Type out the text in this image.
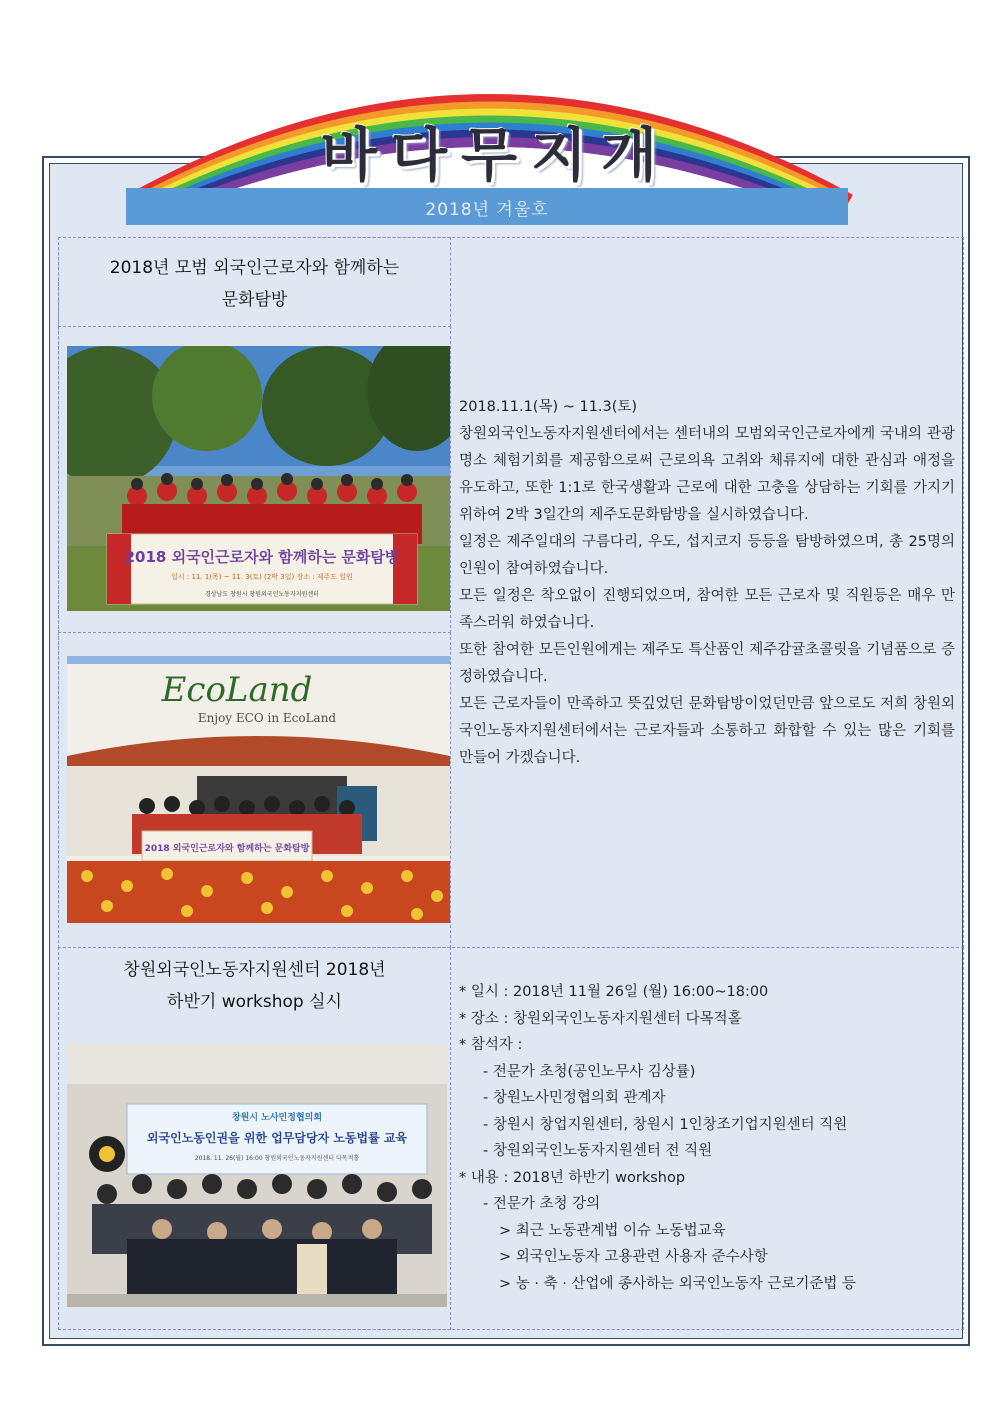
2018년 겨울호
바다무지개
2018년 모범 외국인근로자와 함께하는
문화탐방
2018 외국인근로자와 함께하는 문화탐방
일시 : 11. 1(목) ~ 11. 3(토) (2박 3일) 장소 : 제주도 일원
경상남도 창원시 창원외국인노동자지원센터
EcoLand
Enjoy ECO in EcoLand
2018 외국인근로자와 함께하는 문화탐방

2018.11.1(목) ~ 11.3(토)

창원외국인노동자지원센터에서는 센터내의 모범외국인근로자에게 국내의 관광명소 체험기회를 제공함으로써 근로의욕 고취와 체류지에 대한 관심과 애정을 유도하고, 또한 1:1로 한국생활과 근로에 대한 고충을 상담하는 기회를 가지기 위하여 2박 3일간의 제주도문화탐방을 실시하였습니다.

일정은 제주일대의 구름다리, 우도, 섭지코지 등등을 탐방하였으며, 총 25명의 인원이 참여하였습니다.

모든 일정은 착오없이 진행되었으며, 참여한 모든 근로자 및 직원등은 매우 만족스러워 하였습니다.

또한 참여한 모든인원에게는 제주도 특산품인 제주감귤초콜릿을 기념품으로 증정하였습니다.

모든 근로자들이 만족하고 뜻깊었던 문화탐방이었던만큼 앞으로도 저희 창원외국인노동자지원센터에서는 근로자들과 소통하고 화합할 수 있는 많은 기회를 만들어 가겠습니다.

창원외국인노동자지원센터 2018년
하반기 workshop 실시
창원시 노사민정협의회
외국인노동인권을 위한 업무담당자 노동법률 교육
2018. 11. 26(월) 16:00 창원외국인노동자지원센터 다목적홀
* 일시 : 2018년 11월 26일 (월) 16:00~18:00
* 장소 : 창원외국인노동자지원센터 다목적홀
* 참석자 :
- 전문가 초청(공인노무사 김상률)
- 창원노사민정협의회 관계자
- 창원시 창업지원센터, 창원시 1인창조기업지원센터 직원
- 창원외국인노동자지원센터 전 직원
* 내용 : 2018년 하반기 workshop
- 전문가 초청 강의
> 최근 노동관계법 이슈 노동법교육
> 외국인노동자 고용관련 사용자 준수사항
> 농 · 축 · 산업에 종사하는 외국인노동자 근로기준법 등
